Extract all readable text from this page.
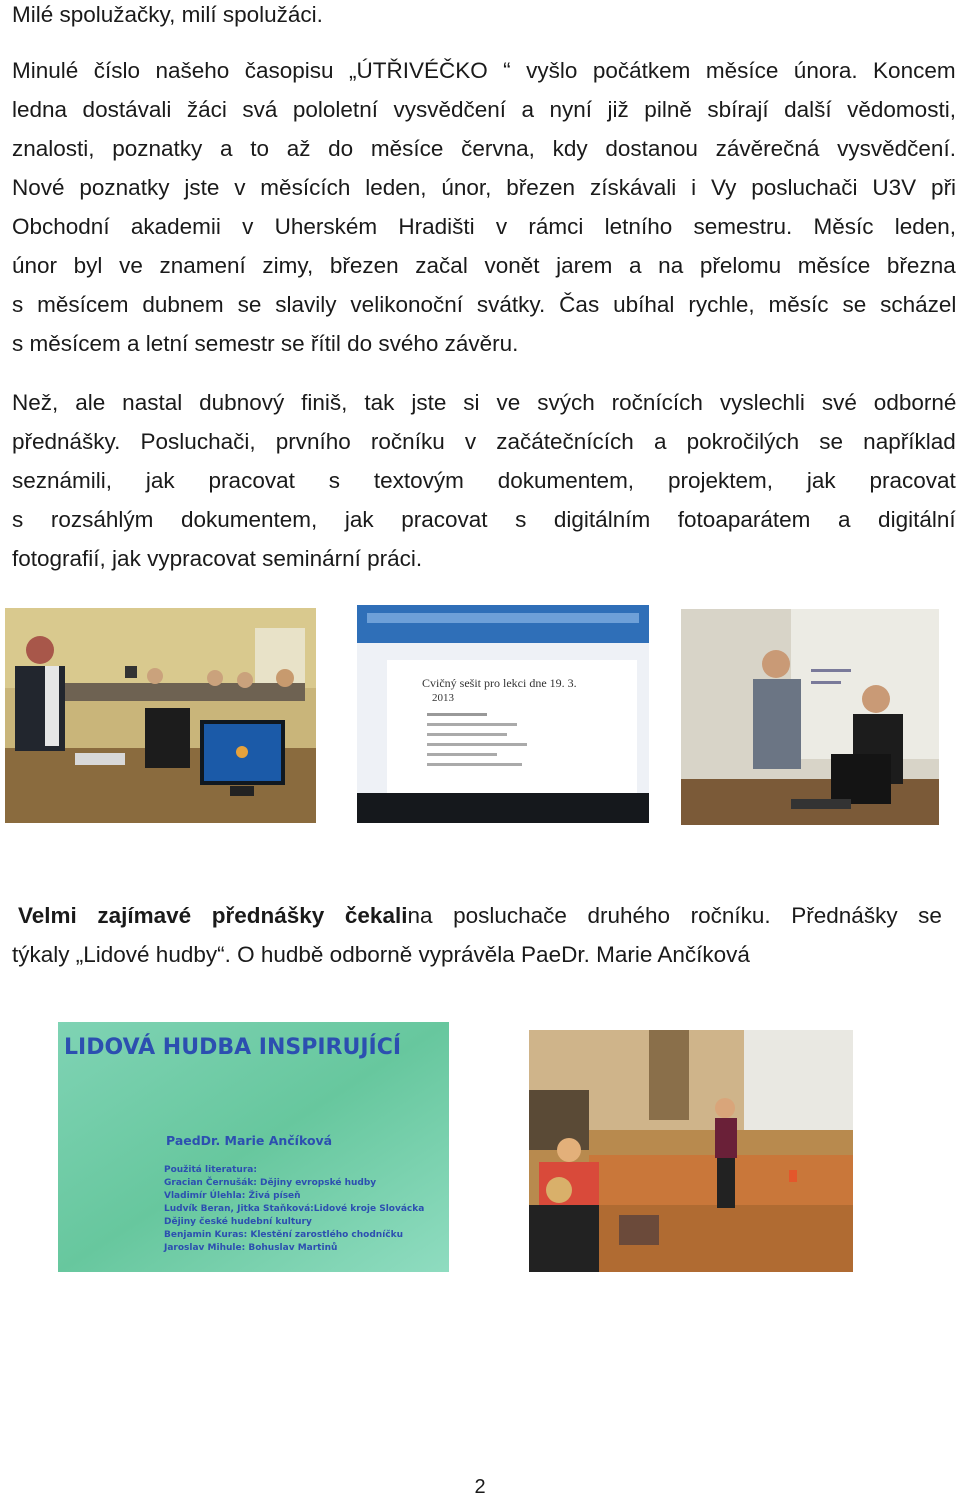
Milé spolužačky, milí spolužáci.
Minulé číslo našeho časopisu „ÚTŘIVÉČKO “ vyšlo počátkem měsíce února. Koncem
ledna dostávali žáci svá pololetní vysvědčení a nyní již pilně sbírají další vědomosti,
znalosti, poznatky a to až do měsíce června, kdy dostanou závěrečná vysvědčení.
Nové poznatky jste v měsících leden, únor, březen získávali i Vy posluchači U3V při
Obchodní akademii v Uherském Hradišti v rámci letního semestru. Měsíc leden,
únor byl ve znamení zimy, březen začal vonět jarem a na přelomu měsíce března
s měsícem dubnem se slavily velikonoční svátky. Čas ubíhal rychle, měsíc se scházel
s měsícem a letní semestr se řítil do svého závěru.
Než, ale nastal dubnový finiš, tak jste si ve svých ročnících vyslechli své odborné
přednášky. Posluchači, prvního ročníku v začátečnících a pokročilých se například
seznámili, jak pracovat s textovým dokumentem, projektem, jak pracovat
s rozsáhlým dokumentem, jak pracovat s digitálním fotoaparátem a digitální
fotografií, jak vypracovat seminární práci.
Cvičný sešit pro lekci dne 19. 3.
2013
Velmi zajímavé přednášky čekalina posluchače druhého ročníku. Přednášky se
týkaly „Lidové hudby“. O hudbě odborně vyprávěla PaeDr. Marie Ančíková
LIDOVÁ HUDBA INSPIRUJÍCÍ
PaedDr. Marie Ančíková
Použitá literatura:
Gracian Černušák: Dějiny evropské hudby
Vladimír Úlehla: Živá píseň
Ludvík Beran, Jitka Staňková:Lidové kroje Slovácka
Dějiny české hudební kultury
Benjamin Kuras: Klestění zarostlého chodníčku
Jaroslav Mihule: Bohuslav Martinů
2
